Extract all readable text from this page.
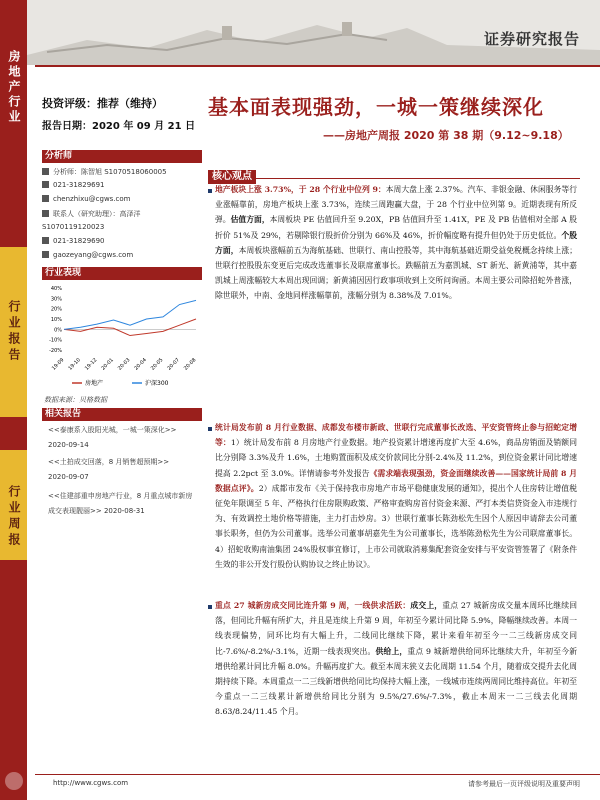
房地产行业
行业报告
行业周报
证券研究报告
投资评级：推荐（维持）
报告日期：2020 年 09 月 21 日
分析师
分析师：陈智旭 S1070518060005
021-31829691
chenzhixu@cgws.com
联系人（研究助理）：高泽洋
S1070119120023
021-31829690
gaozeyang@cgws.com
行业表现
40%
30%
20%
10%
0%
-10%
-20%
19-09 19-10 19-12 20-01 20-03 20-04 20-05 20-07 20-08
房地产	沪深300
数据来源：贝格数据
相关报告
<<泰康系入股阳光城，一城一策深化>>
2020-09-14
<<土拍成交回落，8 月销售超预期>>
2020-09-07
<<住建部重申房地产行业，8 月重点城市新房成交表现靓丽>> 2020-08-31
基本面表现强劲，一城一策继续深化
——房地产周报 2020 第 38 期（9.12~9.18）
核心观点
地产板块上涨 3.73%，于 28 个行业中位列 9：本周大盘上涨 2.37%。汽车、非银金融、休闲服务等行业涨幅靠前，房地产板块上涨 3.73%，连续三周跑赢大盘，于 28 个行业中位列第 9。近期表现有所反弹。估值方面，本周板块 PE 估值回升至 9.20X，PB 估值回升至 1.41X，PE 及 PB 估值相对全部 A 股折价 51%及 29%，若剔除银行股折价分别为 66%及 46%，折价幅度略有提升但仍处于历史低位。个股方面，本周板块涨幅前五为海航基础、世联行、南山控股等，其中海航基础近期受益免税概念持续上涨；世联行控股股东变更后完成改选董事长及联席董事长。跌幅前五为嘉凯城、ST 新光、新黄浦等，其中嘉凯城上周涨幅较大本周出现回调；新黄浦因因行政事项收到上交所问询函。本周主要公司除招蛇外普涨，除世联外，中南、金地同样涨幅靠前，涨幅分别为 8.38%及 7.01%。
统计局发布前 8 月行业数据、成都发布楼市新政、世联行完成董事长改选、平安资管终止参与招蛇定增等：1）统计局发布前 8 月房地产行业数据。地产投资累计增速再度扩大至 4.6%，商品房销面及销额同比分别降 3.3%及升 1.6%，土地购置面积及成交价款同比分别-2.4%及 11.2%，到位资金累计同比增速提高 2.2pct 至 3.0%。详情请参考外发报告《需求端表现强劲，资金面继续改善——国家统计局前 8 月数据点评》。2）成都市发布《关于保持我市房地产市场平稳健康发展的通知》，提出个人住房转让增值税征免年限调至 5 年、严格执行住房限购政策、严格审查购房首付资金来源、严打本类信贷资金入市违规行为、有效调控土地价格等措施，主力打击炒房。3）世联行董事长陈劲松先生因个人原因申请辞去公司董事长职务，但仍为公司董事。选举公司董事胡嘉先生为公司董事长，选举陈劲松先生为公司联席董事长。4）招蛇收购南油集团 24%股权事宜修订，上市公司就取消募集配套资金安排与平安资管签署了《附条件生效的非公开发行股份认购协议之终止协议》。
重点 27 城新房成交同比连升第 9 周，一线供求活跃：成交上，重点 27 城新房成交量本周环比继续回落，但同比升幅有所扩大，并且是连续上升第 9 周，年初至今累计同比降 5.9%，降幅继续改善。本周一线表现偏势，同环比均有大幅上升，二线同比继续下降，累计来看年初至今一二三线新房成交同比-7.6%/-8.2%/-3.1%，近期一线表现突出。供给上，重点 9 城新增供给同环比继续大升，年初至今新增供给累计同比升幅 8.0%。升幅再度扩大。截至本周末狭义去化周期 11.54 个月，随着成交提升去化周期持续下降。本周重点一二三线新增供给同比均保持大幅上涨，一线城市连续两周同比维持高位。年初至今重点一二三线累计新增供给同比分别为 9.5%/27.6%/-7.3%，截止本周末一二三线去化周期 8.63/8.24/11.45 个月。
http://www.cgws.com	请参考最后一页评级说明及重要声明
